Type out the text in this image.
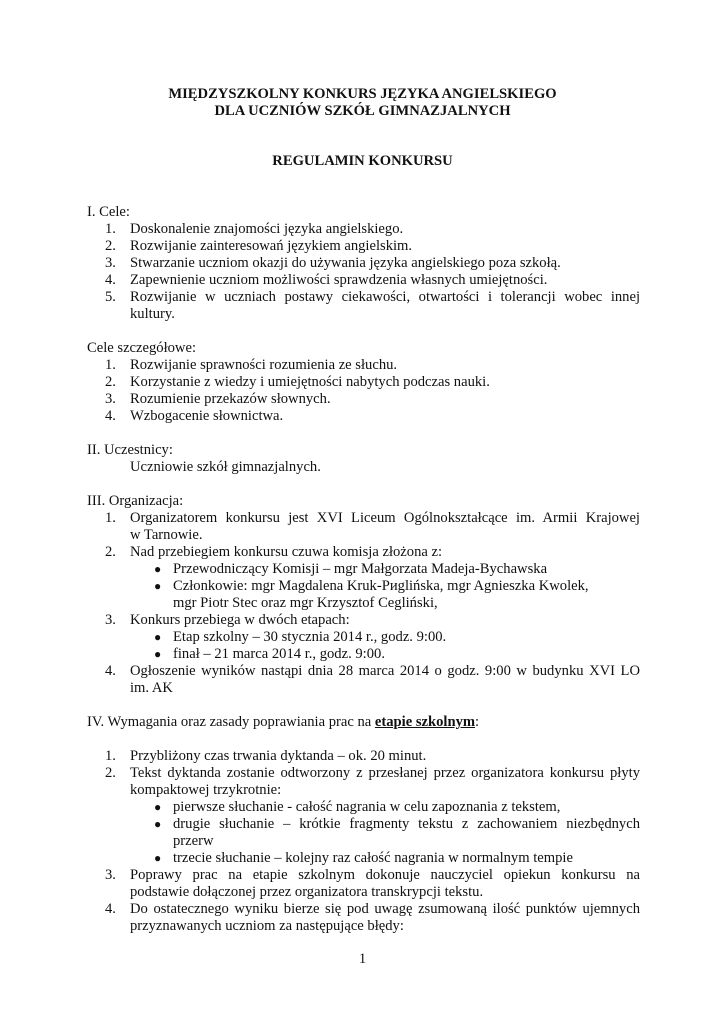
MIĘDZYSZKOLNY KONKURS JĘZYKA ANGIELSKIEGO
DLA UCZNIÓW SZKÓŁ GIMNAZJALNYCH
REGULAMIN KONKURSU
I. Cele:
1. Doskonalenie znajomości języka angielskiego.
2. Rozwijanie zainteresowań językiem angielskim.
3. Stwarzanie uczniom okazji do używania języka angielskiego poza szkołą.
4. Zapewnienie uczniom możliwości sprawdzenia własnych umiejętności.
5. Rozwijanie w uczniach postawy ciekawości, otwartości i tolerancji wobec innej
kultury.
Cele szczegółowe:
1. Rozwijanie sprawności rozumienia ze słuchu.
2. Korzystanie z wiedzy i umiejętności nabytych podczas nauki.
3. Rozumienie przekazów słownych.
4. Wzbogacenie słownictwa.
II. Uczestnicy:
Uczniowie szkół gimnazjalnych.
III. Organizacja:
1. Organizatorem konkursu jest XVI Liceum Ogólnokształcące im. Armii Krajowej
w Tarnowie.
2. Nad przebiegiem konkursu czuwa komisja złożona z:
● Przewodniczący Komisji – mgr Małgorzata Madeja-Bychawska
● Członkowie: mgr Magdalena Kruk-Риglińska, mgr Agnieszka Kwolek,
mgr Piotr Stec oraz mgr Krzysztof Cegliński,
3. Konkurs przebiega w dwóch etapach:
● Etap szkolny – 30 stycznia 2014 r., godz. 9:00.
● finał – 21 marca 2014 r., godz. 9:00.
4. Ogłoszenie wyników nastąpi dnia 28 marca 2014 o godz. 9:00 w budynku XVI LO
im. AK
IV. Wymagania oraz zasady poprawiania prac na etapie szkolnym:
1. Przybliżony czas trwania dyktanda – ok. 20 minut.
2. Tekst dyktanda zostanie odtworzony z przesłanej przez organizatora konkursu płyty
kompaktowej trzykrotnie:
● pierwsze słuchanie - całość nagrania w celu zapoznania z tekstem,
● drugie słuchanie – krótkie fragmenty tekstu z zachowaniem niezbędnych
przerw
● trzecie słuchanie – kolejny raz całość nagrania w normalnym tempie
3. Poprawy prac na etapie szkolnym dokonuje nauczyciel opiekun konkursu na
podstawie dołączonej przez organizatora transkrypcji tekstu.
4. Do ostatecznego wyniku bierze się pod uwagę zsumowaną ilość punktów ujemnych
przyznawanych uczniom za następujące błędy:
1
